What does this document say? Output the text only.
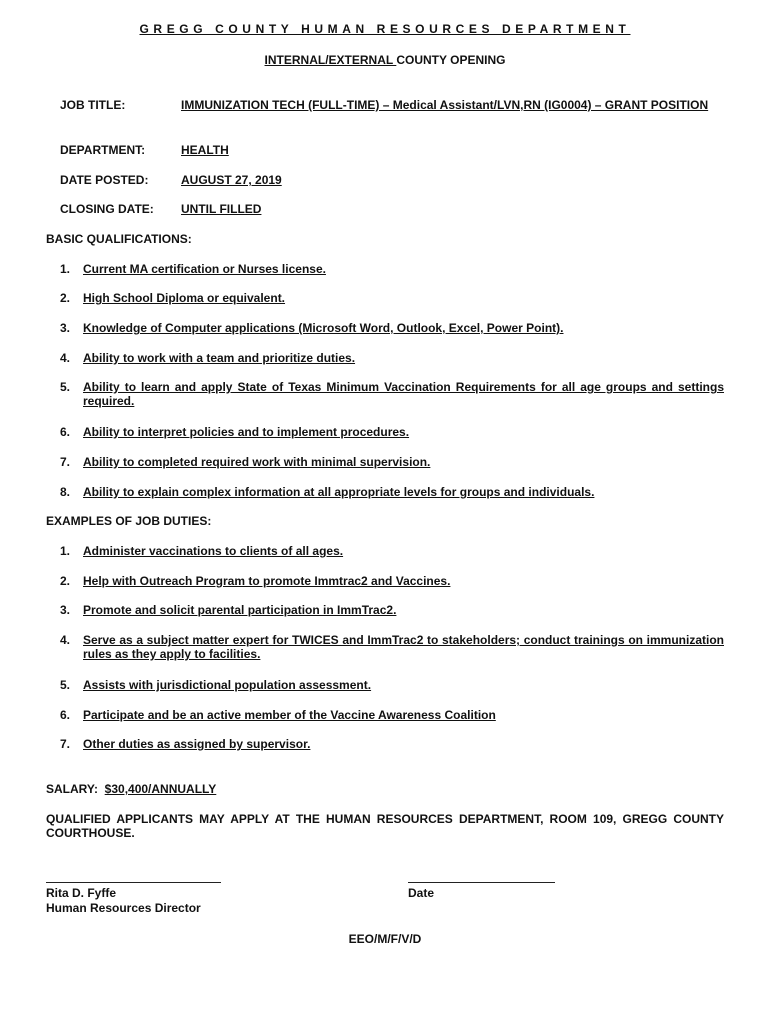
GREGG COUNTY HUMAN RESOURCES DEPARTMENT
INTERNAL/EXTERNAL COUNTY OPENING
JOB TITLE:	IMMUNIZATION TECH (FULL-TIME) – Medical Assistant/LVN,RN (IG0004) – GRANT POSITION
DEPARTMENT:	HEALTH
DATE POSTED:	AUGUST 27, 2019
CLOSING DATE: UNTIL FILLED
BASIC QUALIFICATIONS:
1. Current MA certification or Nurses license.
2. High School Diploma or equivalent.
3. Knowledge of Computer applications (Microsoft Word, Outlook, Excel, Power Point).
4. Ability to work with a team and prioritize duties.
5. Ability to learn and apply State of Texas Minimum Vaccination Requirements for all age groups and settings required.
6. Ability to interpret policies and to implement procedures.
7. Ability to completed required work with minimal supervision.
8. Ability to explain complex information at all appropriate levels for groups and individuals.
EXAMPLES OF JOB DUTIES:
1. Administer vaccinations to clients of all ages.
2. Help with Outreach Program to promote Immtrac2 and Vaccines.
3. Promote and solicit parental participation in ImmTrac2.
4. Serve as a subject matter expert for TWICES and ImmTrac2 to stakeholders; conduct trainings on immunization rules as they apply to facilities.
5. Assists with jurisdictional population assessment.
6. Participate and be an active member of the Vaccine Awareness Coalition
7. Other duties as assigned by supervisor.
SALARY: $30,400/ANNUALLY
QUALIFIED APPLICANTS MAY APPLY AT THE HUMAN RESOURCES DEPARTMENT, ROOM 109, GREGG COUNTY COURTHOUSE.
Rita D. Fyffe
Human Resources Director
Date
EEO/M/F/V/D
